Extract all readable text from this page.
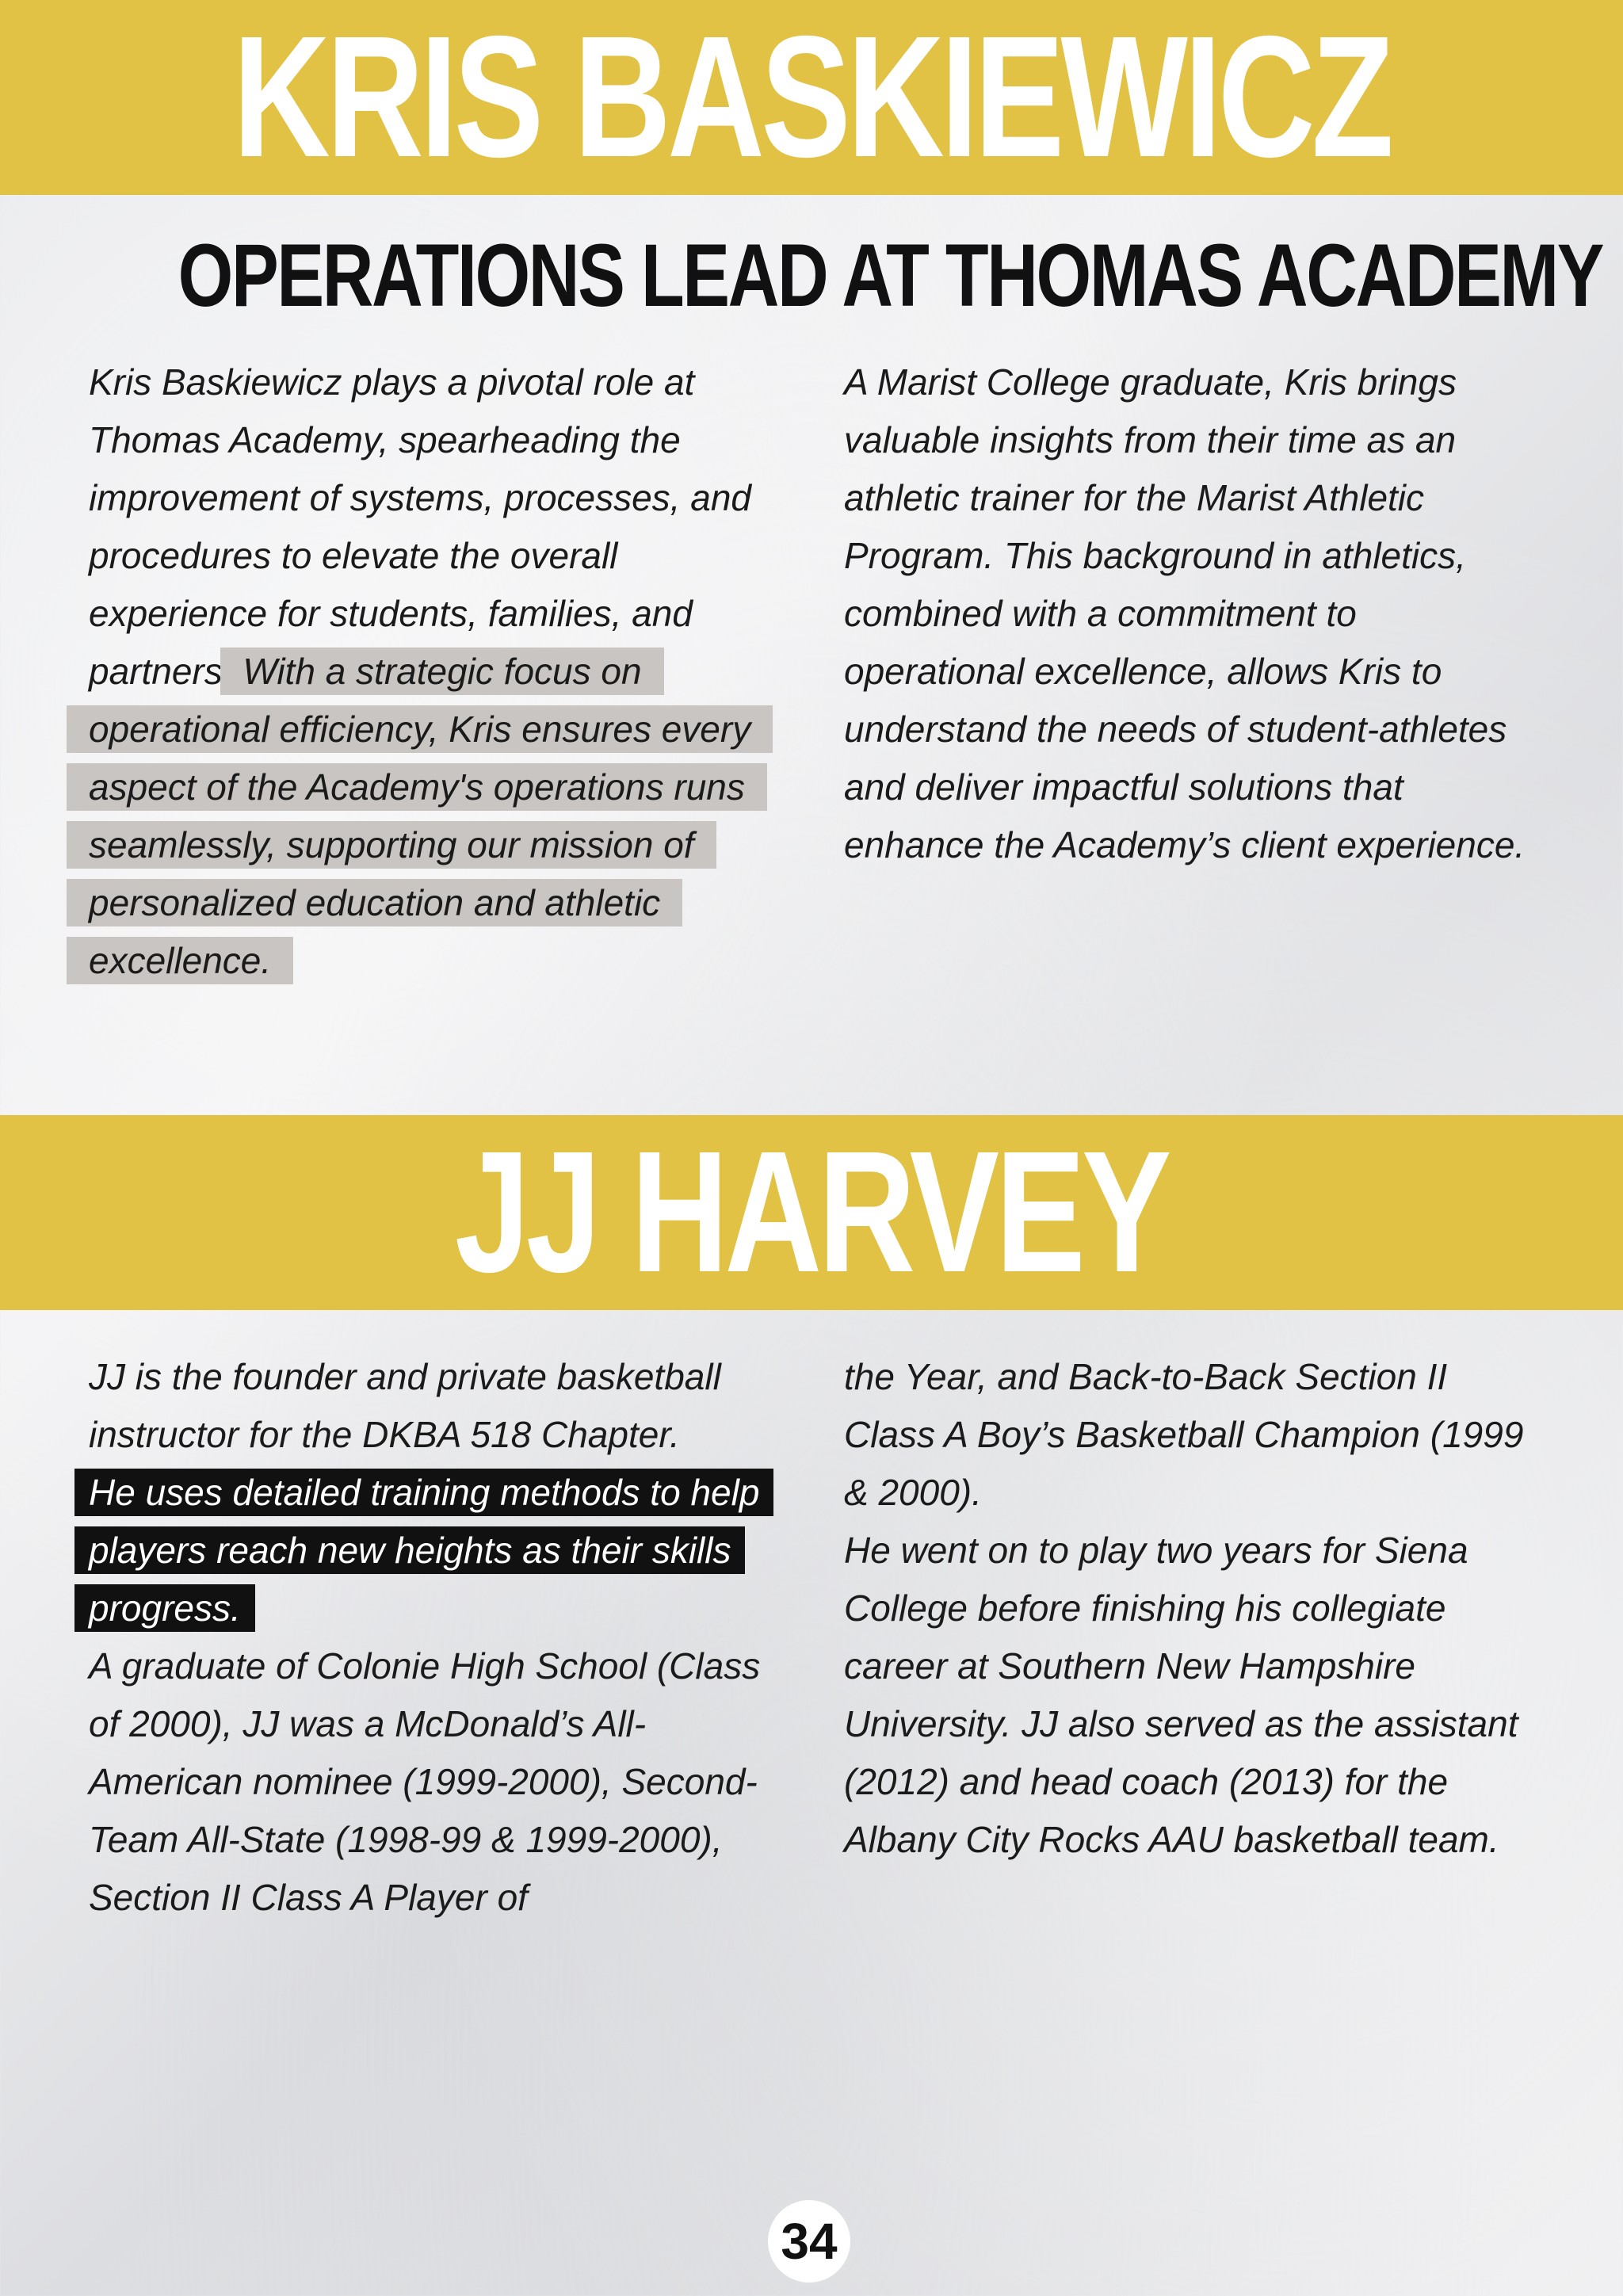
KRIS BASKIEWICZ
OPERATIONS LEAD AT THOMAS ACADEMY

Kris Baskiewicz plays a pivotal role at Thomas Academy, spearheading the improvement of systems, processes, and procedures to elevate the overall experience for students, families, and partners. With a strategic focus on operational efficiency, Kris ensures every aspect of the Academy's operations runs seamlessly, supporting our mission of personalized education and athletic excellence.

A Marist College graduate, Kris brings valuable insights from their time as an athletic trainer for the Marist Athletic Program. This background in athletics, combined with a commitment to operational excellence, allows Kris to understand the needs of student-athletes and deliver impactful solutions that enhance the Academy’s client experience.

JJ HARVEY

JJ is the founder and private basketball instructor for the DKBA 518 Chapter.

He uses detailed training methods to help players reach new heights as their skills progress.

A graduate of Colonie High School (Class of 2000), JJ was a McDonald’s All-American nominee (1999-2000), Second-Team All-State (1998-99 & 1999-2000), Section II Class A Player of

the Year, and Back-to-Back Section II Class A Boy’s Basketball Champion (1999 & 2000).

He went on to play two years for Siena College before finishing his collegiate career at Southern New Hampshire University. JJ also served as the assistant (2012) and head coach (2013) for the Albany City Rocks AAU basketball team.

34
